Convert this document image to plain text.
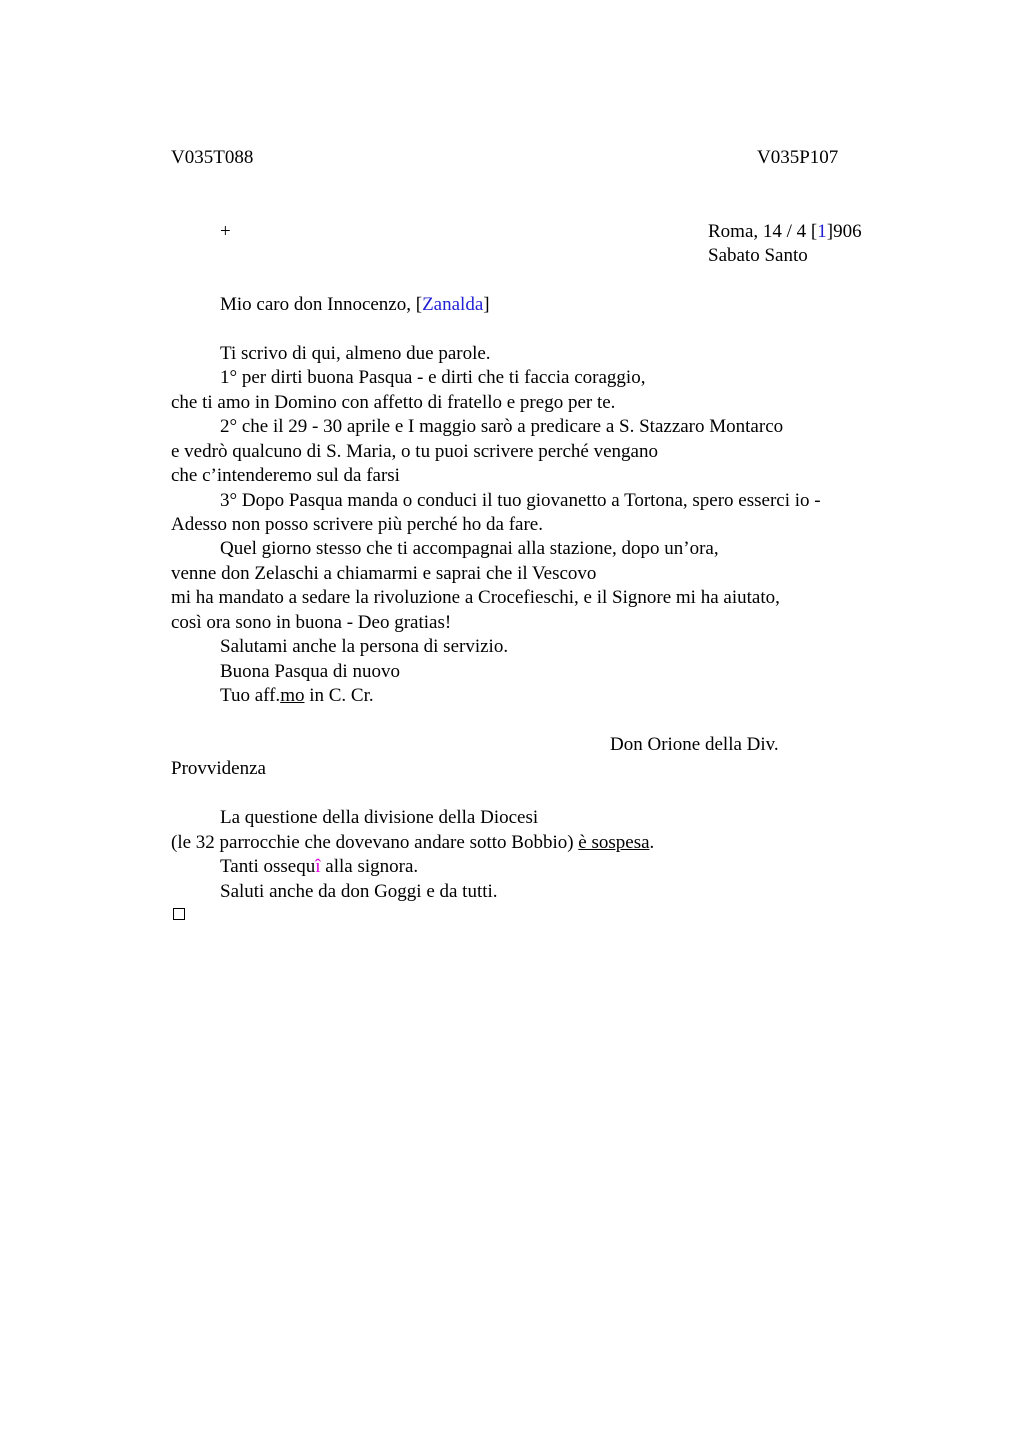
V035T088	V035P107
+	Roma, 14 / 4 [1]906
Sabato Santo
Mio caro don Innocenzo, [Zanalda]
Ti scrivo di qui, almeno due parole.
1° per dirti buona Pasqua - e dirti che ti faccia coraggio,
che ti amo in Domino con affetto di fratello e prego per te.
2° che il 29 - 30 aprile e I maggio sarò a predicare a S. Stazzaro Montarco
e vedrò qualcuno di S. Maria, o tu puoi scrivere perché vengano
che c’intenderemo sul da farsi
3° Dopo Pasqua manda o conduci il tuo giovanetto a Tortona, spero esserci io -
Adesso non posso scrivere più perché ho da fare.
Quel giorno stesso che ti accompagnai alla stazione, dopo un’ora,
venne don Zelaschi a chiamarmi e saprai che il Vescovo
mi ha mandato a sedare la rivoluzione a Crocefieschi, e il Signore mi ha aiutato,
così ora sono in buona - Deo gratias!
Salutami anche la persona di servizio.
Buona Pasqua di nuovo
Tuo aff.mo in C. Cr.
Don Orione della Div.
Provvidenza
La questione della divisione della Diocesi
(le 32 parrocchie che dovevano andare sotto Bobbio) è sospesa.
Tanti ossequî alla signora.
Saluti anche da don Goggi e da tutti.
